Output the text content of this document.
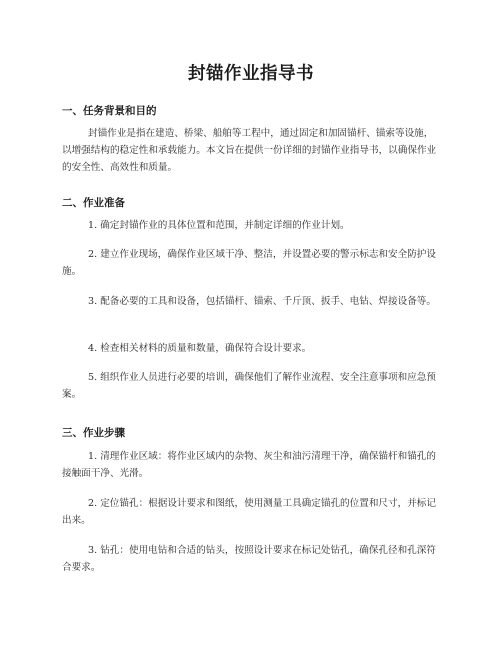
封锚作业指导书
一、任务背景和目的

封锚作业是指在建造、桥梁、船舶等工程中，通过固定和加固锚杆、锚索等设施，以增强结构的稳定性和承载能力。本文旨在提供一份详细的封锚作业指导书，以确保作业的安全性、高效性和质量。

二、作业准备

1. 确定封锚作业的具体位置和范围，并制定详细的作业计划。

2. 建立作业现场，确保作业区域干净、整洁，并设置必要的警示标志和安全防护设施。

3. 配备必要的工具和设备，包括锚杆、锚索、千斤顶、扳手、电钻、焊接设备等。

4. 检查相关材料的质量和数量，确保符合设计要求。

5. 组织作业人员进行必要的培训，确保他们了解作业流程、安全注意事项和应急预案。

三、作业步骤

1. 清理作业区域：将作业区域内的杂物、灰尘和油污清理干净，确保锚杆和锚孔的接触面干净、光滑。

2. 定位锚孔：根据设计要求和图纸，使用测量工具确定锚孔的位置和尺寸，并标记出来。

3. 钻孔：使用电钻和合适的钻头，按照设计要求在标记处钻孔，确保孔径和孔深符合要求。
